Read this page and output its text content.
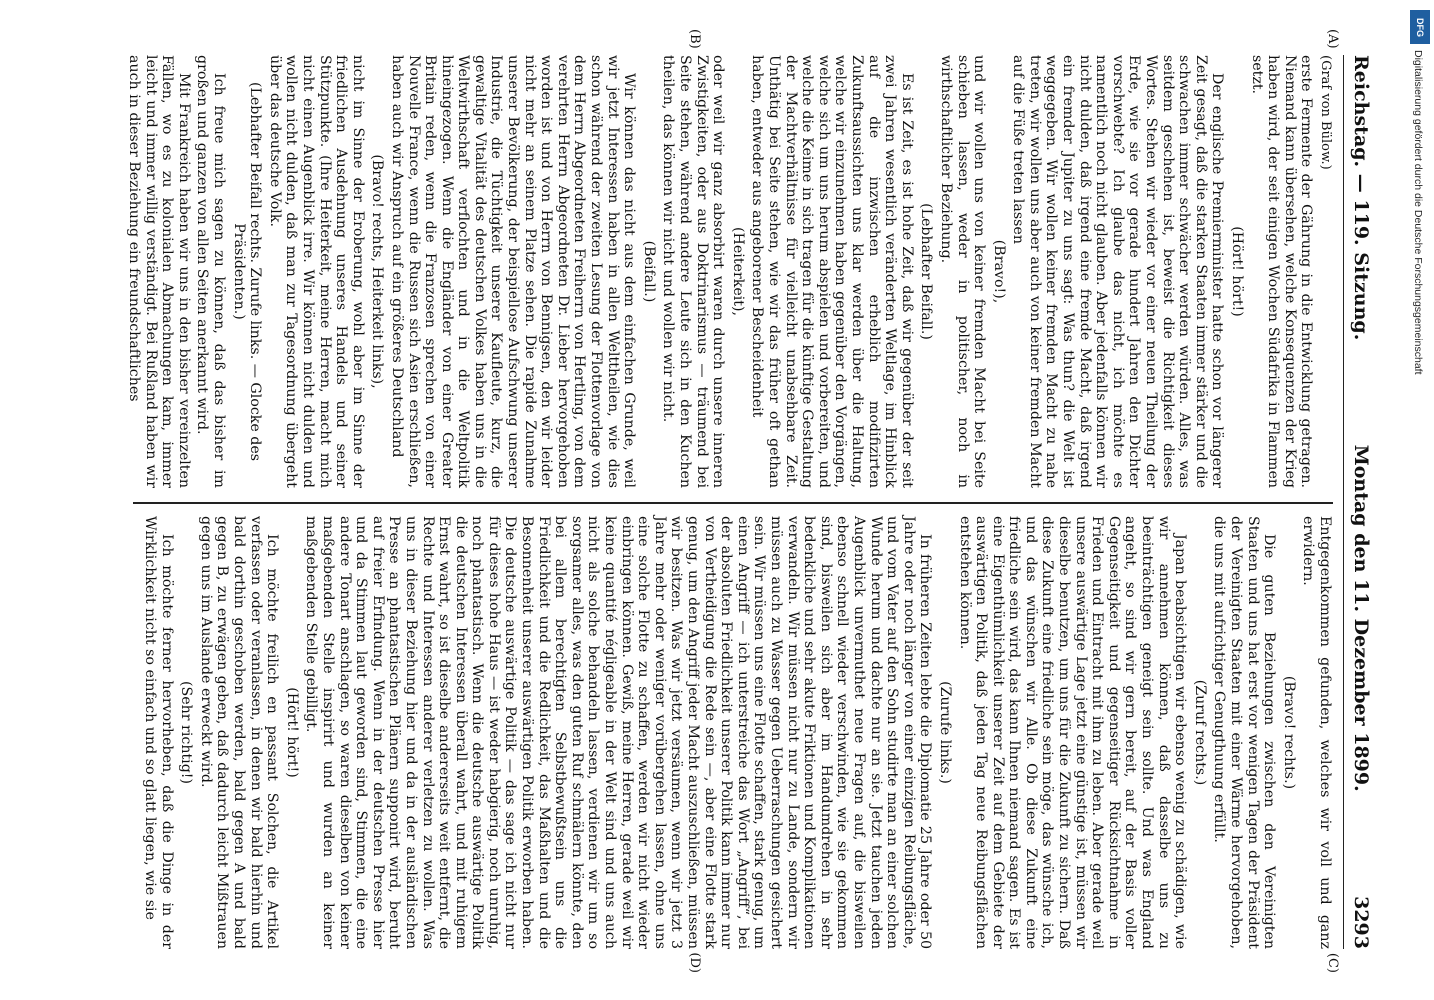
Reichstag. — 119. Sitzung.
Montag den 11. Dezember 1899.
3293

(Graf von Bülow.)

erste Fermente der Gährung in die Entwicklung getragen. Niemand kann übersehen, welche Konsequenzen der Krieg haben wird, der seit einigen Wochen Südafrika in Flammen setzt.

(Hört! hört!)

Der englische Premierminister hatte schon vor längerer Zeit gesagt, daß die starken Staaten immer stärker und die schwachen immer schwächer werden würden. Alles, was seitdem geschehen ist, beweist die Richtigkeit dieses Wortes. Stehen wir wieder vor einer neuen Theilung der Erde, wie sie vor gerade hundert Jahren den Dichter vorschwebte? Ich glaube das nicht, ich möchte es namentlich noch nicht glauben. Aber jedenfalls können wir nicht dulden, daß irgend eine fremde Macht, daß irgend ein fremder Jupiter zu uns sagt: Was thun? die Welt ist weggegeben. Wir wollen keiner fremden Macht zu nahe treten, wir wollen uns aber auch von keiner fremden Macht auf die Füße treten lassen

(Bravo!),

und wir wollen uns von keiner fremden Macht bei Seite schieben lassen, weder in politischer, noch in wirthschaftlicher Beziehung.

(Lebhafter Beifall.)

Es ist Zeit, es ist hohe Zeit, daß wir gegenüber der seit zwei Jahren wesentlich veränderten Weltlage, im Hinblick auf die inzwischen erheblich modifizirten Zukunftsaussichten uns klar werden über die Haltung, welche wir einzunehmen haben gegenüber den Vorgängen, welche sich um uns herum abspielen und vorbereiten, und welche die Keime in sich tragen für die künftige Gestaltung der Machtverhältnisse für vielleicht unabsehbare Zeit. Unthätig bei Seite stehen, wie wir das früher oft gethan haben, entweder aus angeborener Bescheidenheit

(Heiterkeit),

oder weil wir ganz absorbirt waren durch unsere inneren Zwistigkeiten, oder aus Doktrinarismus — träumend bei Seite stehen, während andere Leute sich in den Kuchen theilen, das können wir nicht und wollen wir nicht.

(Beifall.)

Wir können das nicht aus dem einfachen Grunde, weil wir jetzt Interessen haben in allen Welttheilen, wie dies schon während der zweiten Lesung der Flottenvorlage von dem Herrn Abgeordneten Freiherrn von Hertling, von dem verehrten Herrn Abgeordneten Dr. Lieber hervorgehoben worden ist und von Herrn von Bennigsen, den wir leider nicht mehr an seinem Platze sehen. Die rapide Zunahme unserer Bevölkerung, der beispiellose Aufschwung unserer Industrie, die Tüchtigkeit unserer Kaufleute, kurz, die gewaltige Vitalität des deutschen Volkes haben uns in die Weltwirthschaft verflochten und in die Weltpolitik hineingezogen. Wenn die Engländer von einer Greater Britain reden, wenn die Franzosen sprechen von einer Nouvelle France, wenn die Russen sich Asien erschließen, haben auch wir Anspruch auf ein größeres Deutschland

(Bravo! rechts, Heiterkeit links),

nicht im Sinne der Eroberung, wohl aber im Sinne der friedlichen Ausdehnung unseres Handels und seiner Stützpunkte. (Ihre Heiterkeit, meine Herren, macht mich nicht einen Augenblick irre. Wir können nicht dulden und wollen nicht dulden, daß man zur Tagesordnung übergeht über das deutsche Volk.

(Lebhafter Beifall rechts. Zurufe links. — Glocke des Präsidenten.)

Ich freue mich sagen zu können, daß das bisher im großen und ganzen von allen Seiten anerkannt wird.

Mit Frankreich haben wir uns in den bisher vereinzelten Fällen, wo es zu kolonialen Abmachungen kam, immer leicht und immer willig verständigt. Bei Rußland haben wir auch in dieser Beziehung ein freundschaftliches

Entgegenkommen gefunden, welches wir voll und ganz erwidern.

(Bravo! rechts.)

Die guten Beziehungen zwischen den Vereinigten Staaten und uns hat erst vor wenigen Tagen der Präsident der Vereinigten Staaten mit einer Wärme hervorgehoben, die uns mit aufrichtiger Genugthuung erfüllt.

(Zuruf rechts.)

Japan beabsichtigen wir ebenso wenig zu schädigen, wie wir annehmen können, daß dasselbe uns zu beeinträchtigen geneigt sein sollte. Und was England angeht, so sind wir gern bereit, auf der Basis voller Gegenseitigkeit und gegenseitiger Rücksichtnahme in Frieden und Eintracht mit ihm zu leben. Aber gerade weil unsere auswärtige Lage jetzt eine günstige ist, müssen wir dieselbe benutzen, um uns für die Zukunft zu sichern. Daß diese Zukunft eine friedliche sein möge, das wünsche ich, und das wünschen wir Alle. Ob diese Zukunft eine friedliche sein wird, das kann Ihnen niemand sagen. Es ist eine Eigenthümlichkeit unserer Zeit auf dem Gebiete der auswärtigen Politik, daß jeden Tag neue Reibungsflächen entstehen können.

(Zurufe links.)

In früheren Zeiten lebte die Diplomatie 25 Jahre oder 50 Jahre oder noch länger von einer einzigen Reibungsfläche, und vom Vater auf den Sohn studirte man an einer solchen Wunde herum und dachte nur an sie. Jetzt tauchen jeden Augenblick unvermuthet neue Fragen auf, die bisweilen ebenso schnell wieder verschwinden, wie sie gekommen sind, bisweilen sich aber im Handumdrehen in sehr bedenkliche und sehr akute Friktionen und Komplikationen verwandeln. Wir müssen nicht nur zu Lande, sondern wir müssen auch zu Wasser gegen Ueberraschungen gesichert sein. Wir müssen uns eine Flotte schaffen, stark genug, um einen Angriff — ich unterstreiche das Wort „Angriff“, bei der absoluten Friedlichkeit unserer Politik kann immer nur von Vertheidigung die Rede sein —, aber eine Flotte stark genug, um den Angriff jeder Macht auszuschließen, müssen wir besitzen. Was wir jetzt versäumen, wenn wir jetzt 3 Jahre mehr oder weniger vorübergehen lassen, ohne uns eine solche Flotte zu schaffen, werden wir nicht wieder einbringen können. Gewiß, meine Herren, gerade weil wir keine quantité négligeable in der Welt sind und uns auch nicht als solche behandeln lassen, verdienen wir um so sorgsamer alles, was den guten Ruf schmälern könnte, den bei allem berechtigten Selbstbewußtsein uns die Friedlichkeit und die Redlichkeit, das Maßhalten und die Besonnenheit unserer auswärtigen Politik erworben haben. Die deutsche auswärtige Politik — das sage ich nicht nur für dieses hohe Haus — ist weder habgierig, noch unruhig, noch phantastisch. Wenn die deutsche auswärtige Politik die deutschen Interessen überall wahrt, und mit ruhigem Ernst wahrt, so ist dieselbe andererseits weit entfernt, die Rechte und Interessen anderer verletzen zu wollen. Was uns in dieser Beziehung hier und da in der ausländischen Presse an phantastischen Plänern supponirt wird, beruht auf freier Erfindung. Wenn in der deutschen Presse hier und da Stimmen laut geworden sind, Stimmen, die eine andere Tonart anschlagen, so waren dieselben von keiner maßgebenden Stelle inspirirt und wurden an keiner maßgebenden Stelle gebilligt.

(Hört! hört!)

Ich möchte freilich en passant Solchen, die Artikel verfassen oder veranlassen, in denen wir bald hierhin und bald dorthin geschoben werden, bald gegen A und bald gegen B, zu erwägen geben, daß dadurch leicht Mißtrauen gegen uns im Auslande erweckt wird.

(Sehr richtig!)

Ich möchte ferner hervorheben, daß die Dinge in der Wirklichkeit nicht so einfach und so glatt liegen, wie sie

(A)
(B)
(C)
(D)
DFG
Digitalisierung gefördert durch die Deutsche Forschungsgemeinschaft
